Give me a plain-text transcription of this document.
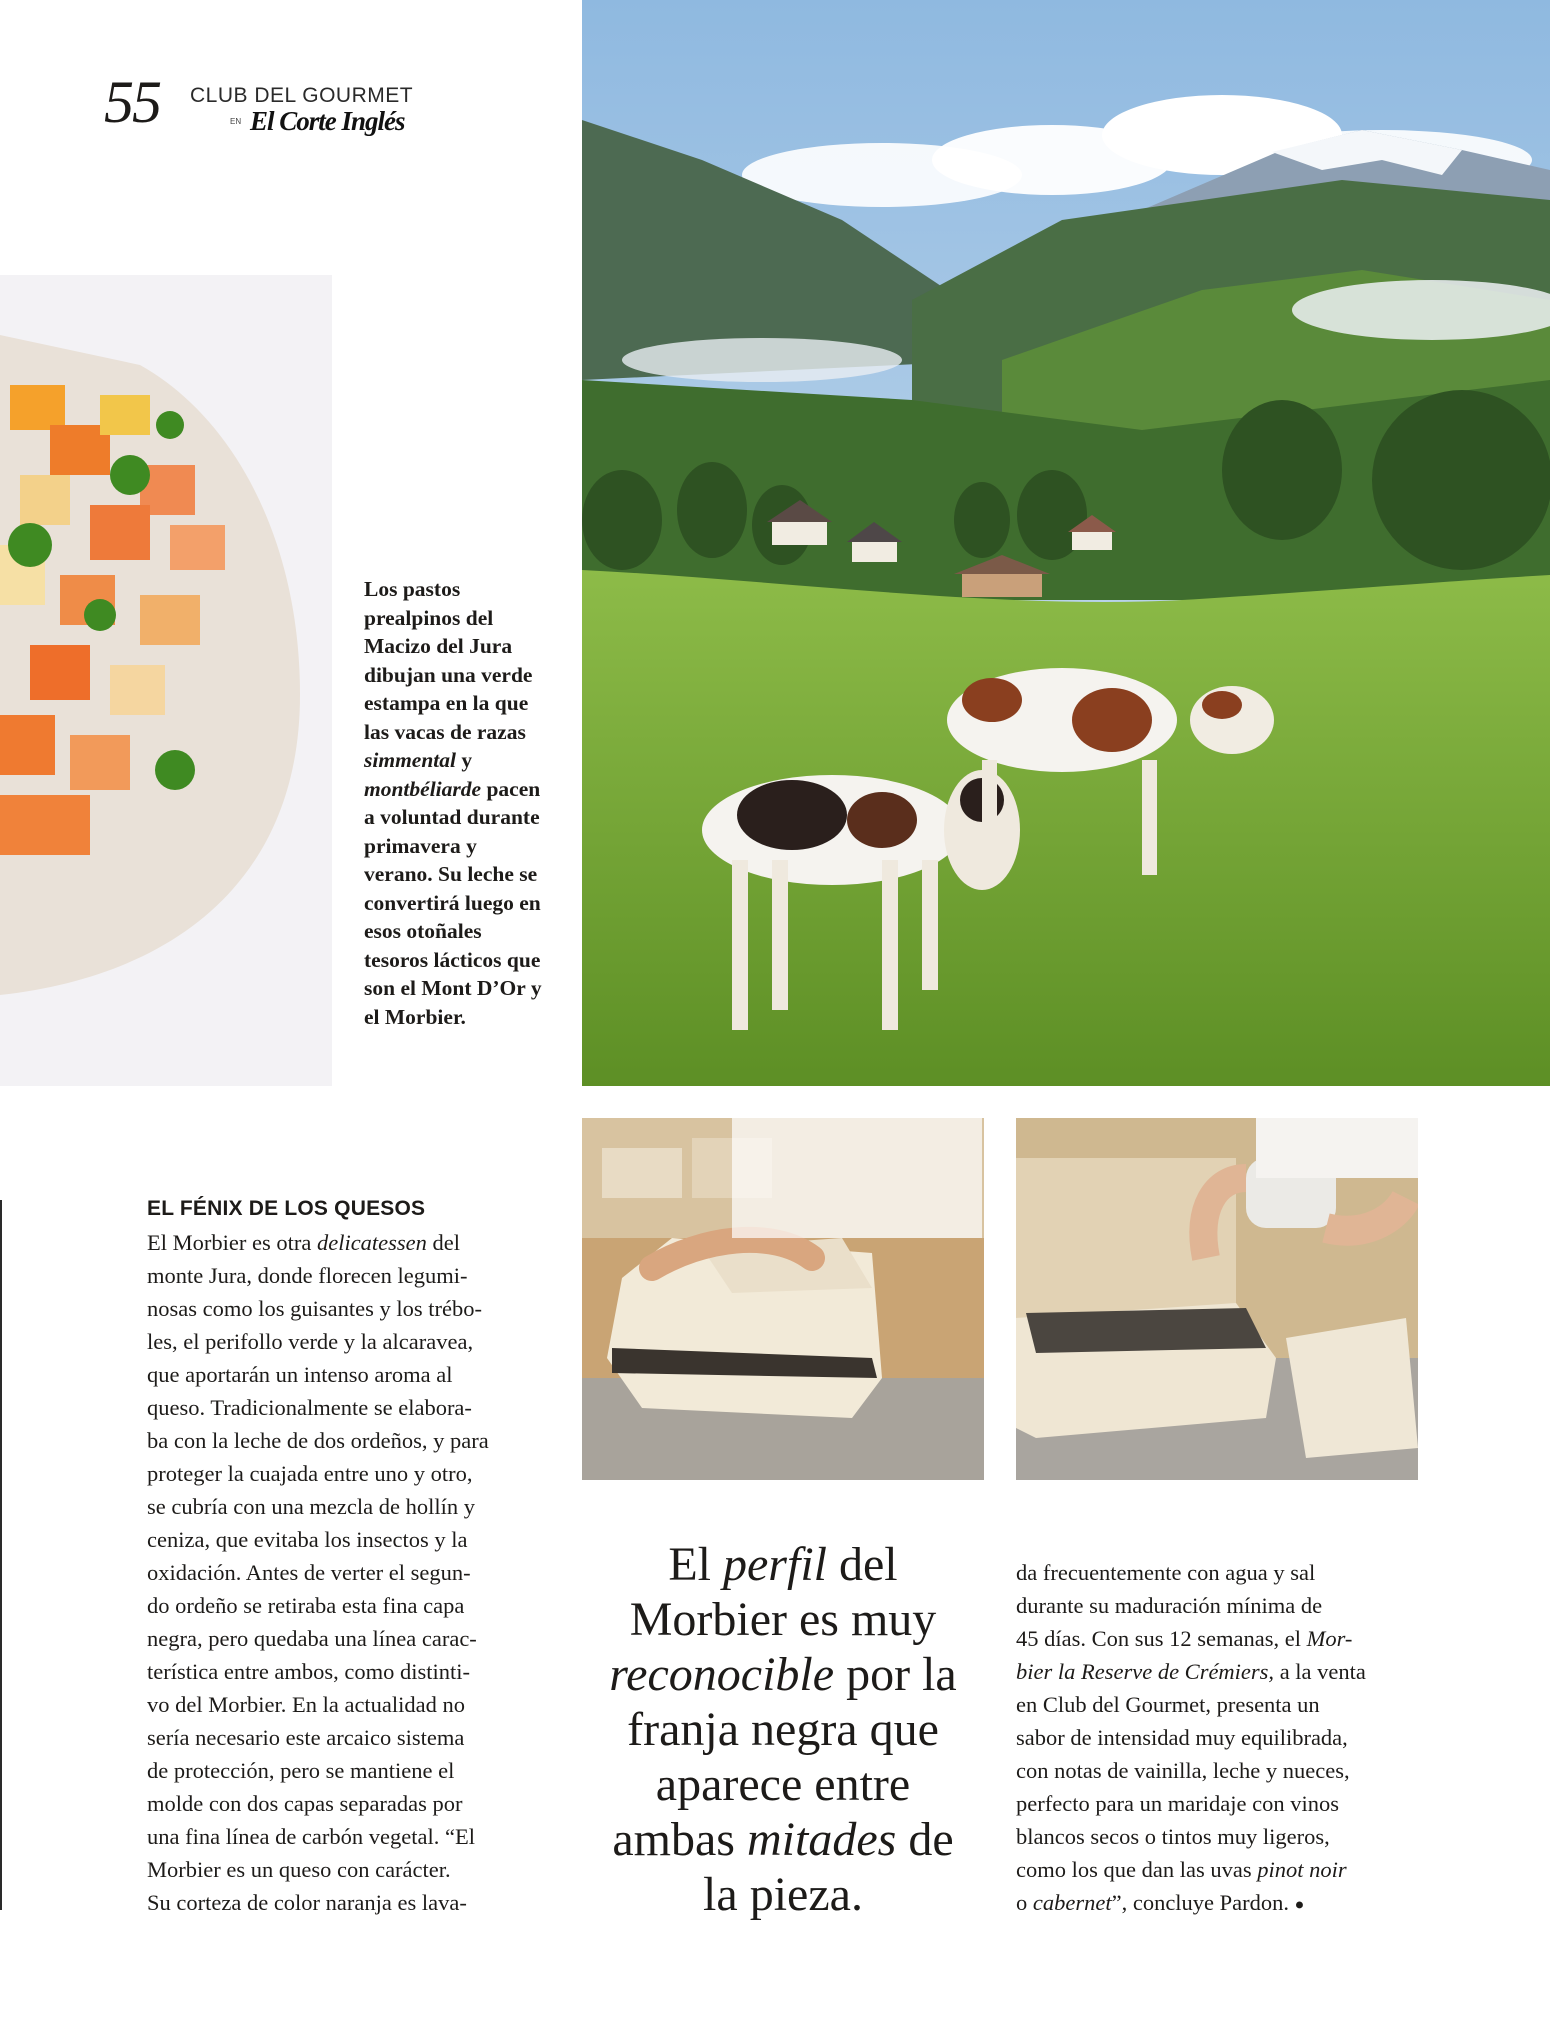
55 CLUB DEL GOURMET
EN El Corte Inglés
Los pastos prealpinos del Macizo del Jura dibujan una verde estampa en la que las vacas de razas simmental y montbéliarde pacen a voluntad durante primavera y verano. Su leche se convertirá luego en esos otoñales tesoros lácticos que son el Mont D’Or y el Morbier.
EL FÉNIX DE LOS QUESOS
El Morbier es otra delicatessen del
monte Jura, donde florecen legumi-
nosas como los guisantes y los trébo-
les, el perifollo verde y la alcaravea,
que aportarán un intenso aroma al
queso. Tradicionalmente se elabora-
ba con la leche de dos ordeños, y para
proteger la cuajada entre uno y otro,
se cubría con una mezcla de hollín y
ceniza, que evitaba los insectos y la
oxidación. Antes de verter el segun-
do ordeño se retiraba esta fina capa
negra, pero quedaba una línea carac-
terística entre ambos, como distinti-
vo del Morbier. En la actualidad no
sería necesario este arcaico sistema
de protección, pero se mantiene el
molde con dos capas separadas por
una fina línea de carbón vegetal. “El
Morbier es un queso con carácter.
Su corteza de color naranja es lava-
El perfil del
Morbier es muy
reconocible por la
franja negra que
aparece entre
ambas mitades de
la pieza.
da frecuentemente con agua y sal
durante su maduración mínima de
45 días. Con sus 12 semanas, el Mor-
bier la Reserve de Crémiers, a la venta
en Club del Gourmet, presenta un
sabor de intensidad muy equilibrada,
con notas de vainilla, leche y nueces,
perfecto para un maridaje con vinos
blancos secos o tintos muy ligeros,
como los que dan las uvas pinot noir
o cabernet”, concluye Pardon. ●
